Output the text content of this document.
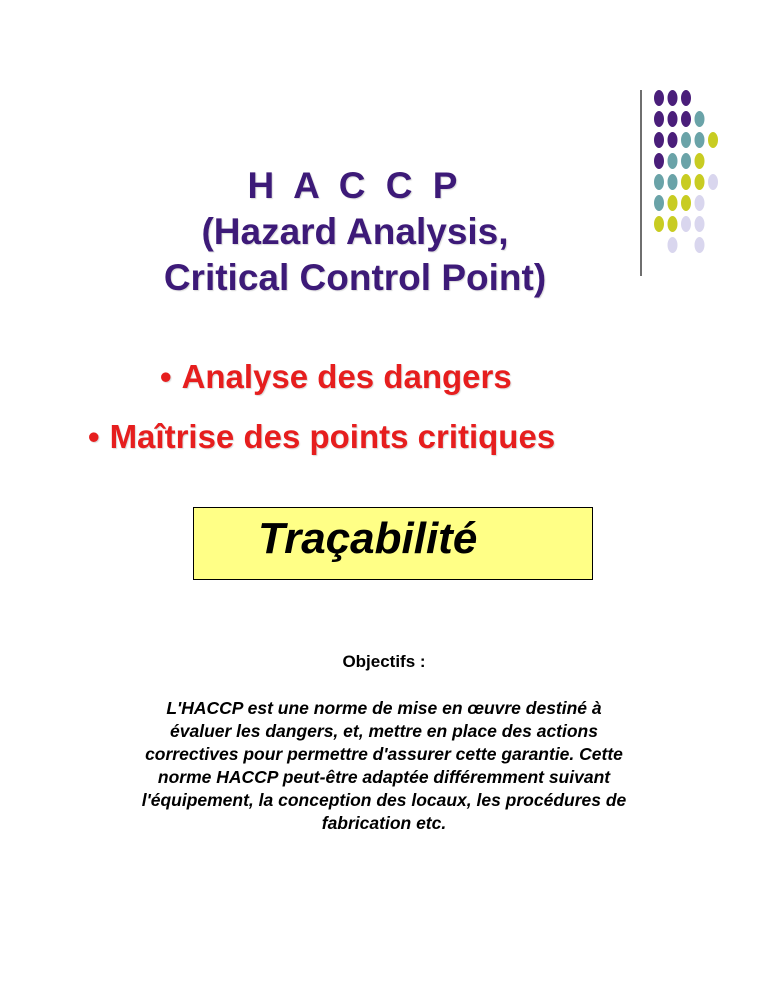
H A C C P
(Hazard Analysis,
Critical Control Point)
• Analyse des dangers
• Maîtrise des points critiques
Traçabilité
Objectifs :
L'HACCP est une norme de mise en œuvre destiné à
évaluer les dangers, et, mettre en place des actions
correctives pour permettre d'assurer cette garantie. Cette
norme HACCP peut-être adaptée différemment suivant
l'équipement, la conception des locaux, les procédures de
fabrication etc.
